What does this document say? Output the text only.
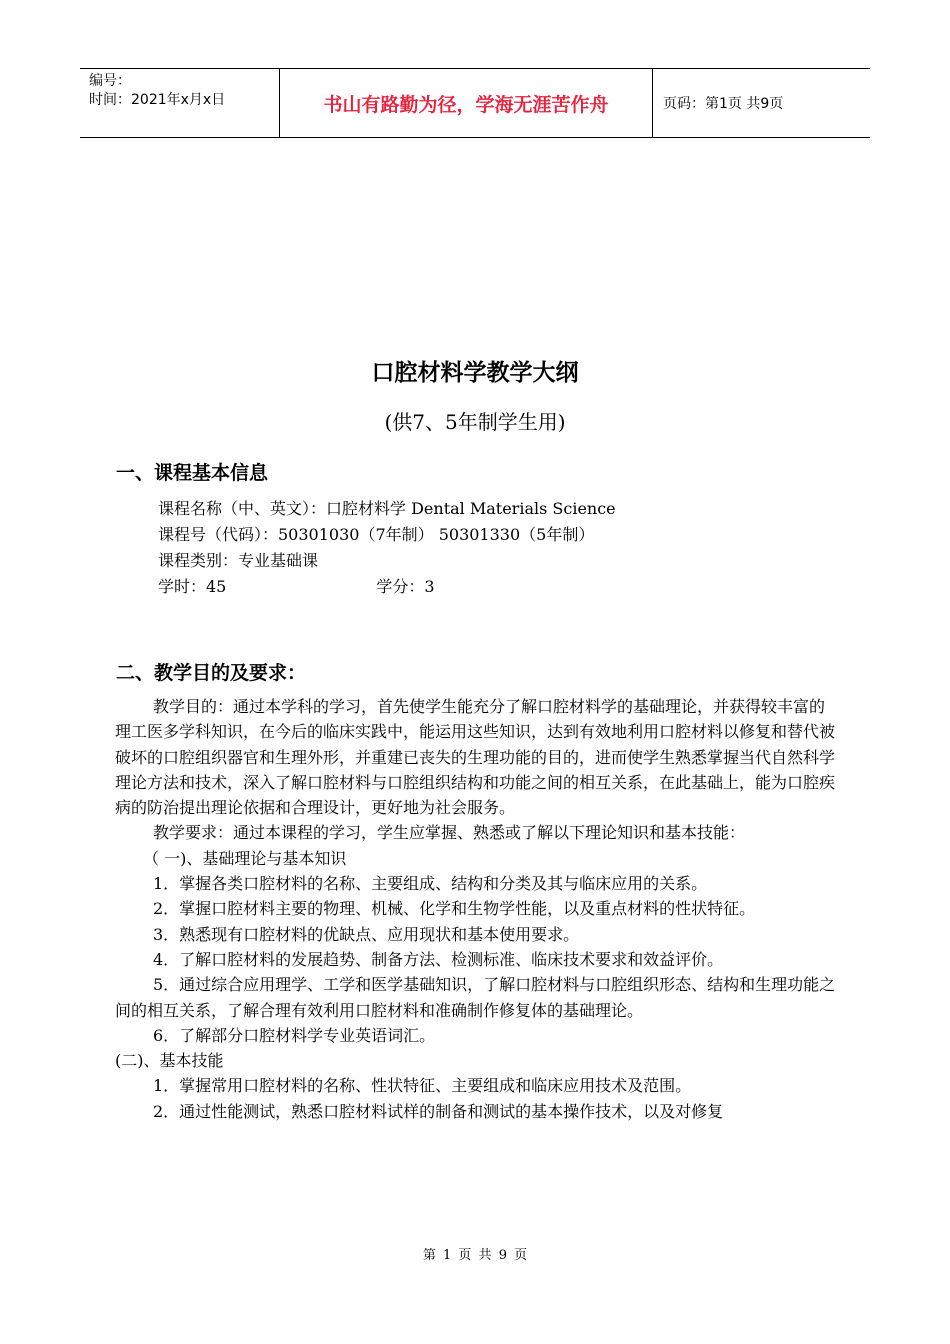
编号：
时间：2021年x月x日	书山有路勤为径，学海无涯苦作舟	页码：第1页 共9页
口腔材料学教学大纲
(供7、5年制学生用)
一、课程基本信息
课程名称（中、英文）：口腔材料学 Dental Materials Science
课程号（代码）：50301030（7年制） 50301330（5年制）
课程类别：专业基础课
学时：45	学分：3
二、教学目的及要求：

教学目的：通过本学科的学习，首先使学生能充分了解口腔材料学的基础理论，并获得较丰富的理工医多学科知识，在今后的临床实践中，能运用这些知识，达到有效地利用口腔材料以修复和替代被破坏的口腔组织器官和生理外形，并重建已丧失的生理功能的目的，进而使学生熟悉掌握当代自然科学理论方法和技术，深入了解口腔材料与口腔组织结构和功能之间的相互关系，在此基础上，能为口腔疾病的防治提出理论依据和合理设计，更好地为社会服务。

教学要求：通过本课程的学习，学生应掌握、熟悉或了解以下理论知识和基本技能：

（ 一)、基础理论与基本知识

1．掌握各类口腔材料的名称、主要组成、结构和分类及其与临床应用的关系。

2．掌握口腔材料主要的物理、机械、化学和生物学性能，以及重点材料的性状特征。

3．熟悉现有口腔材料的优缺点、应用现状和基本使用要求。

4．了解口腔材料的发展趋势、制备方法、检测标准、临床技术要求和效益评价。

5．通过综合应用理学、工学和医学基础知识，了解口腔材料与口腔组织形态、结构和生理功能之间的相互关系，了解合理有效利用口腔材料和准确制作修复体的基础理论。

6．了解部分口腔材料学专业英语词汇。

(二)、基本技能

1．掌握常用口腔材料的名称、性状特征、主要组成和临床应用技术及范围。

2．通过性能测试，熟悉口腔材料试样的制备和测试的基本操作技术，以及对修复

第 1 页 共 9 页
